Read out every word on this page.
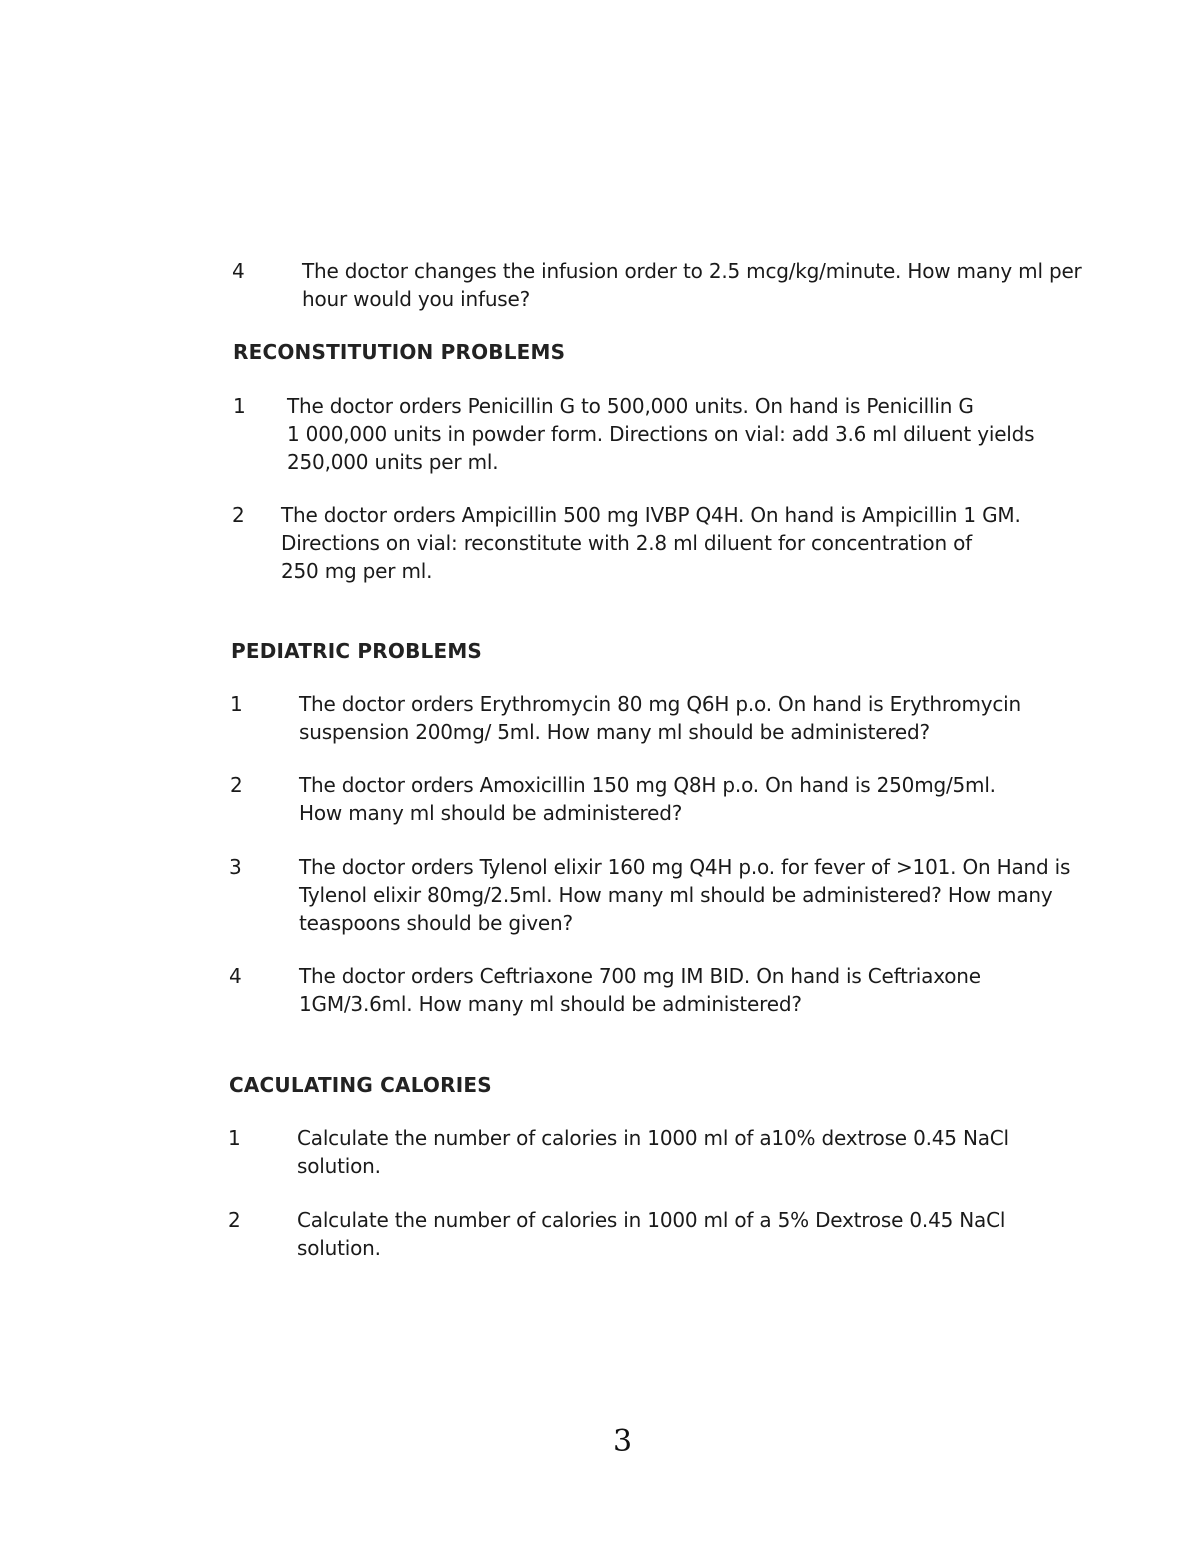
4	The doctor changes the infusion order to 2.5 mcg/kg/minute. How many ml per
hour would you infuse?
RECONSTITUTION PROBLEMS
1 The doctor orders Penicillin G to 500,000 units. On hand is Penicillin G
1 000,000 units in powder form. Directions on vial: add 3.6 ml diluent yields
250,000 units per ml.
2 The doctor orders Ampicillin 500 mg IVBP Q4H. On hand is Ampicillin 1 GM.
Directions on vial: reconstitute with 2.8 ml diluent for concentration of
250 mg per ml.
PEDIATRIC PROBLEMS
1	The doctor orders Erythromycin 80 mg Q6H p.o. On hand is Erythromycin
suspension 200mg/ 5ml. How many ml should be administered?
2	The doctor orders Amoxicillin 150 mg Q8H p.o. On hand is 250mg/5ml.
How many ml should be administered?
3	The doctor orders Tylenol elixir 160 mg Q4H p.o. for fever of >101. On Hand is
Tylenol elixir 80mg/2.5ml. How many ml should be administered? How many
teaspoons should be given?
4	The doctor orders Ceftriaxone 700 mg IM BID. On hand is Ceftriaxone
1GM/3.6ml. How many ml should be administered?
CACULATING CALORIES
1	Calculate the number of calories in 1000 ml of a10% dextrose 0.45 NaCl
solution.
2	Calculate the number of calories in 1000 ml of a 5% Dextrose 0.45 NaCl
solution.
3
